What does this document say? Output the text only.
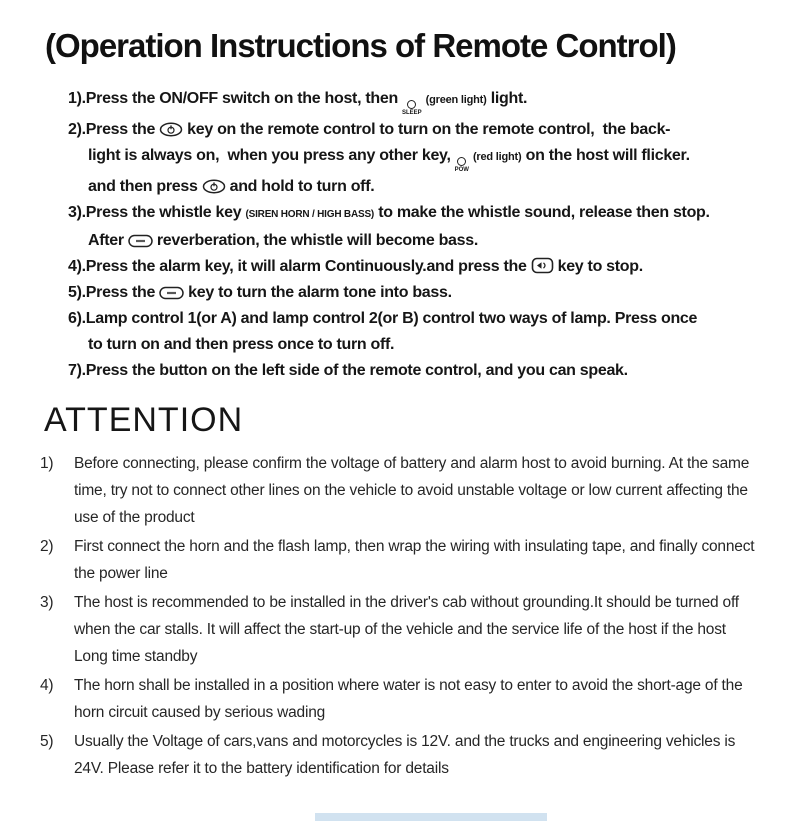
(Operation Instructions of Remote Control)
1).Press the ON/OFF switch on the host, then
SLEEP
(green light) light.
2).Press the key on the remote control to turn on the remote control,  the back-
light is always on,  when you press any other key,
POW
(red light) on the host will flicker.
and then press and hold to turn off.
3).Press the whistle key (SIREN HORN / HIGH BASS) to make the whistle sound, release then stop.
After reverberation, the whistle will become bass.
4).Press the alarm key, it will alarm Continuously.and press the key to stop.
5).Press the key to turn the alarm tone into bass.
6).Lamp control 1(or A) and lamp control 2(or B) control two ways of lamp. Press once
to turn on and then press once to turn off.
7).Press the button on the left side of the remote control, and you can speak.
ATTENTION
1)	Before connecting, please confirm the voltage of battery and alarm host to avoid burning. At the same time, try not to connect other lines on the vehicle to avoid unstable voltage or low current affecting the use of the product
2)	First connect the horn and the flash lamp, then wrap the wiring with insulating tape, and finally connect the power line
3)	The host is recommended to be installed in the driver's cab without grounding.It should be turned off when the car stalls. It will affect the start-up of the vehicle and the service life of the host if the host Long time standby
4)	The horn shall be installed in a position where water is not easy to enter to avoid the short-age of the horn circuit caused by serious wading
5)	Usually the Voltage of cars,vans and motorcycles is 12V. and the trucks and engineering vehicles is 24V. Please refer it to the battery identification for details
